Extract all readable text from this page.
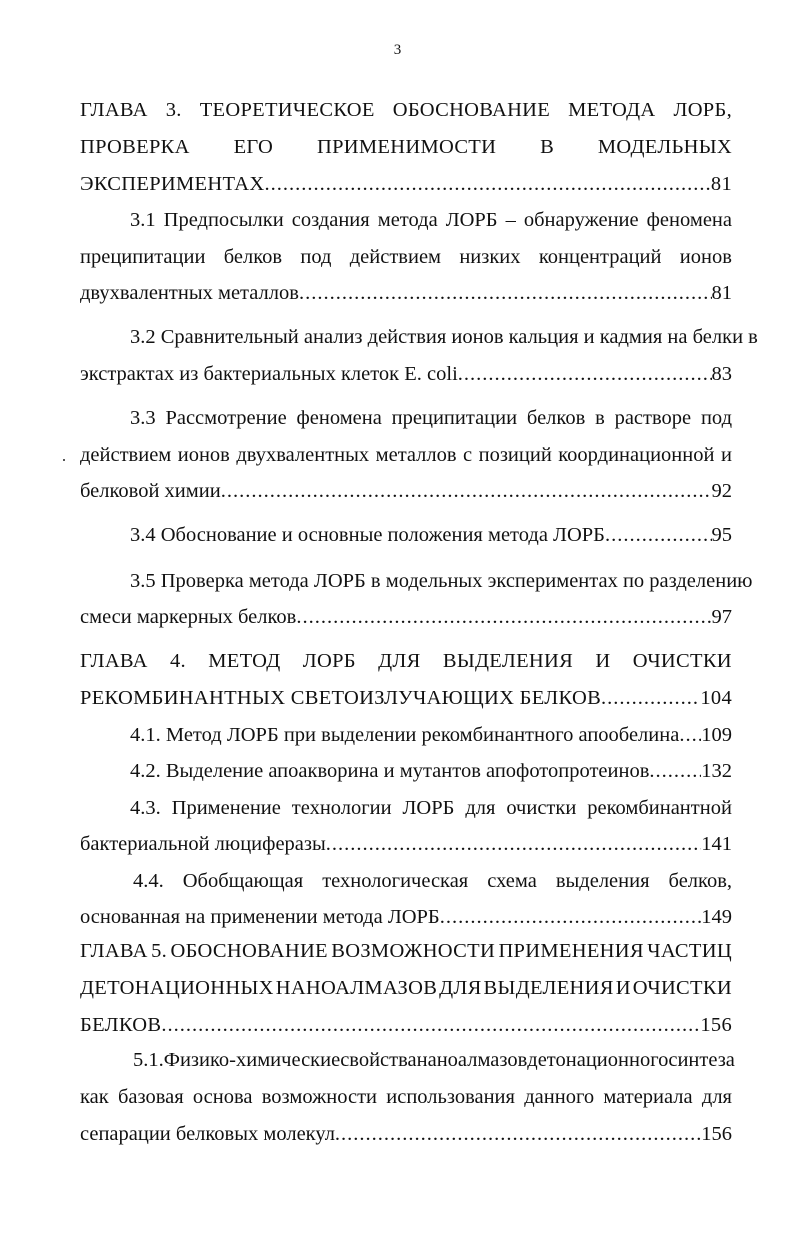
3
ГЛАВА 3. ТЕОРЕТИЧЕСКОЕ ОБОСНОВАНИЕ МЕТОДА ЛОРБ,
ПРОВЕРКА ЕГО ПРИМЕНИМОСТИ В МОДЕЛЬНЫХ
ЭКСПЕРИМЕНТАХ .....	81
3.1 Предпосылки создания метода ЛОРБ – обнаружение феномена
преципитации белков под действием низких концентраций ионов
двухвалентных металлов .....	81
3.2 Сравнительный анализ действия ионов кальция и кадмия на белки в
экстрактах из бактериальных клеток E. coli .....	83
3.3 Рассмотрение феномена преципитации белков в растворе под
действием ионов двухвалентных металлов с позиций координационной и
белковой химии .....	92
3.4 Обоснование и основные положения метода ЛОРБ .....	95
3.5 Проверка метода ЛОРБ в модельных экспериментах по разделению
смеси маркерных белков .....	97
ГЛАВА 4. МЕТОД ЛОРБ ДЛЯ ВЫДЕЛЕНИЯ И ОЧИСТКИ
РЕКОМБИНАНТНЫХ СВЕТОИЗЛУЧАЮЩИХ БЕЛКОВ .....	104
4.1. Метод ЛОРБ при выделении рекомбинантного апообелина ..... 109
4.2. Выделение апоакворина и мутантов апофотопротеинов .....	132
4.3. Применение технологии ЛОРБ для очистки рекомбинантной
бактериальной люциферазы .....	141
4.4. Обобщающая технологическая схема выделения белков,
основанная на применении метода ЛОРБ .....	149
ГЛАВА 5. ОБОСНОВАНИЕ ВОЗМОЖНОСТИ ПРИМЕНЕНИЯ ЧАСТИЦ
ДЕТОНАЦИОННЫХ НАНОАЛМАЗОВ ДЛЯ ВЫДЕЛЕНИЯ И ОЧИСТКИ
БЕЛКОВ .....	156
5.1. Физико-химические свойства наноалмазов детонационного синтеза
как базовая основа возможности использования данного материала для
сепарации белковых молекул .....	156
